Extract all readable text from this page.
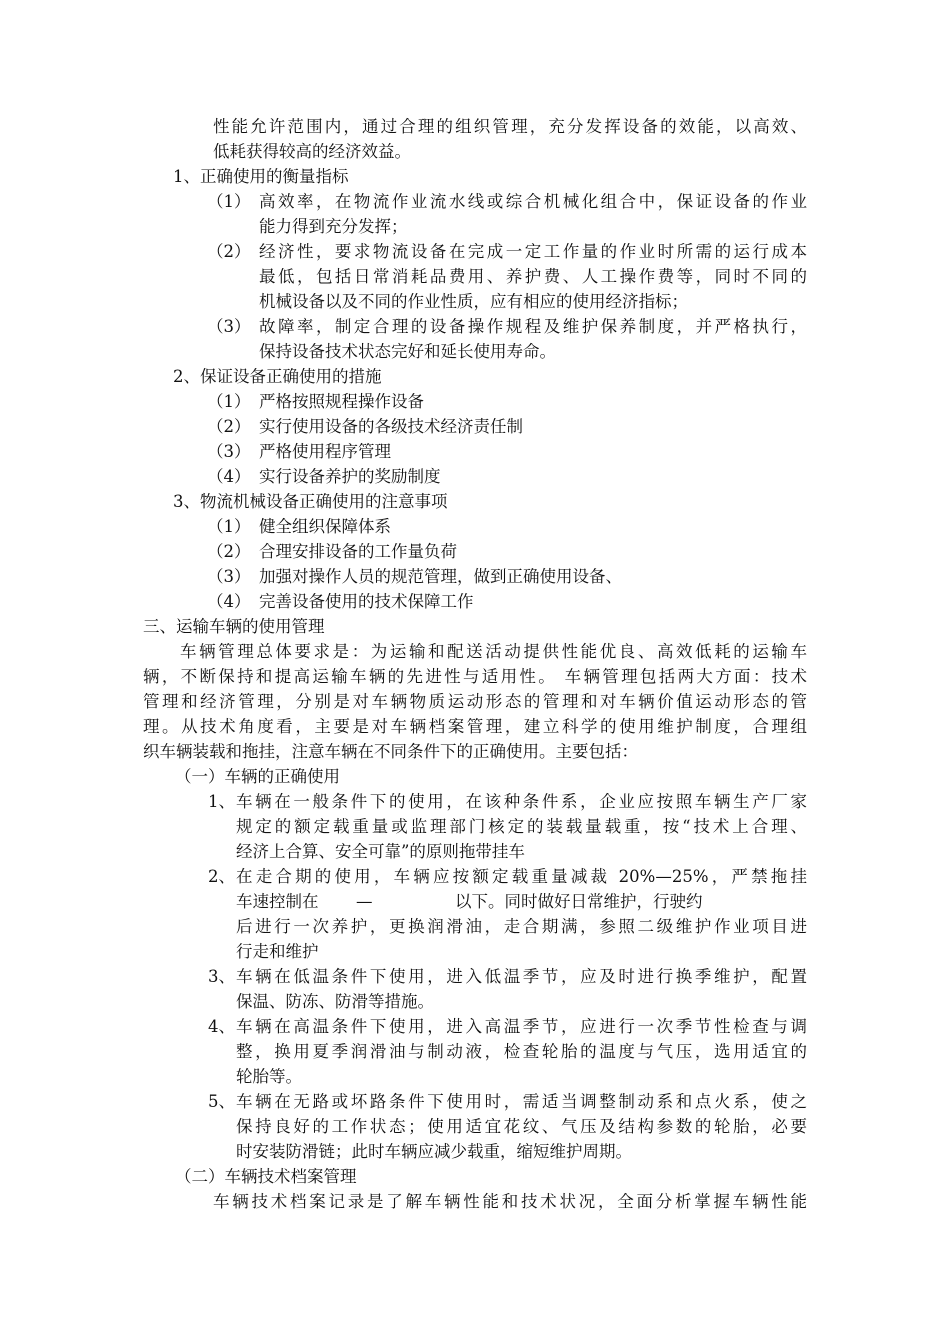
性能允许范围内，通过合理的组织管理，充分发挥设备的效能，以高效、
低耗获得较高的经济效益。
1、正确使用的衡量指标
（1） 高效率，在物流作业流水线或综合机械化组合中，保证设备的作业
能力得到充分发挥；
（2） 经济性，要求物流设备在完成一定工作量的作业时所需的运行成本
最低，包括日常消耗品费用、养护费、人工操作费等，同时不同的
机械设备以及不同的作业性质，应有相应的使用经济指标；
（3） 故障率，制定合理的设备操作规程及维护保养制度，并严格执行，
保持设备技术状态完好和延长使用寿命。
2、保证设备正确使用的措施
（1） 严格按照规程操作设备
（2） 实行使用设备的各级技术经济责任制
（3） 严格使用程序管理
（4） 实行设备养护的奖励制度
3、物流机械设备正确使用的注意事项
（1） 健全组织保障体系
（2） 合理安排设备的工作量负荷
（3） 加强对操作人员的规范管理，做到正确使用设备、
（4） 完善设备使用的技术保障工作
三、运输车辆的使用管理
车辆管理总体要求是：为运输和配送活动提供性能优良、高效低耗的运输车
辆，不断保持和提高运输车辆的先进性与适用性。 车辆管理包括两大方面：技术
管理和经济管理，分别是对车辆物质运动形态的管理和对车辆价值运动形态的管
理。从技术角度看，主要是对车辆档案管理，建立科学的使用维护制度，合理组
织车辆装载和拖挂，注意车辆在不同条件下的正确使用。主要包括：
（一）车辆的正确使用
1、 车辆在一般条件下的使用，在该种条件系，企业应按照车辆生产厂家
规定的额定载重量或监理部门核定的装载量载重，按“技术上合理、
经济上合算、安全可靠”的原则拖带挂车
2、 在走合期的使用，车辆应按额定载重量减裁 20%—25%，严禁拖挂
车速控制在 —	以下。同时做好日常维护，行驶约
后进行一次养护，更换润滑油，走合期满，参照二级维护作业项目进
行走和维护
3、 车辆在低温条件下使用，进入低温季节，应及时进行换季维护，配置
保温、防冻、防滑等措施。
4、 车辆在高温条件下使用，进入高温季节，应进行一次季节性检查与调
整，换用夏季润滑油与制动液，检查轮胎的温度与气压，选用适宜的
轮胎等。
5、 车辆在无路或坏路条件下使用时，需适当调整制动系和点火系，使之
保持良好的工作状态；使用适宜花纹、气压及结构参数的轮胎，必要
时安装防滑链；此时车辆应减少载重，缩短维护周期。
（二）车辆技术档案管理
车辆技术档案记录是了解车辆性能和技术状况，全面分析掌握车辆性能
